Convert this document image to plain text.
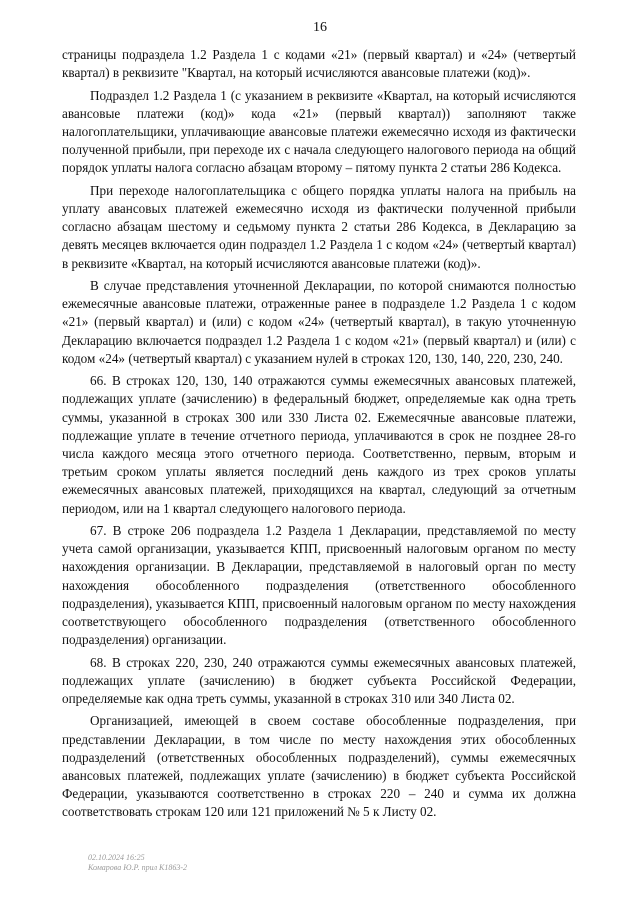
16

страницы подраздела 1.2 Раздела 1 с кодами «21» (первый квартал) и «24» (четвертый квартал) в реквизите "Квартал, на который исчисляются авансовые платежи (код)».

Подраздел 1.2 Раздела 1 (с указанием в реквизите «Квартал, на который исчисляются авансовые платежи (код)» кода «21» (первый квартал)) заполняют также налогоплательщики, уплачивающие авансовые платежи ежемесячно исходя из фактически полученной прибыли, при переходе их с начала следующего налогового периода на общий порядок уплаты налога согласно абзацам второму – пятому пункта 2 статьи 286 Кодекса.

При переходе налогоплательщика с общего порядка уплаты налога на прибыль на уплату авансовых платежей ежемесячно исходя из фактически полученной прибыли согласно абзацам шестому и седьмому пункта 2 статьи 286 Кодекса, в Декларацию за девять месяцев включается один подраздел 1.2 Раздела 1 с кодом «24» (четвертый квартал) в реквизите «Квартал, на который исчисляются авансовые платежи (код)».

В случае представления уточненной Декларации, по которой снимаются полностью ежемесячные авансовые платежи, отраженные ранее в подразделе 1.2 Раздела 1 с кодом «21» (первый квартал) и (или) с кодом «24» (четвертый квартал), в такую уточненную Декларацию включается подраздел 1.2 Раздела 1 с кодом «21» (первый квартал) и (или) с кодом «24» (четвертый квартал) с указанием нулей в строках 120, 130, 140, 220, 230, 240.

66. В строках 120, 130, 140 отражаются суммы ежемесячных авансовых платежей, подлежащих уплате (зачислению) в федеральный бюджет, определяемые как одна треть суммы, указанной в строках 300 или 330 Листа 02. Ежемесячные авансовые платежи, подлежащие уплате в течение отчетного периода, уплачиваются в срок не позднее 28-го числа каждого месяца этого отчетного периода. Соответственно, первым, вторым и третьим сроком уплаты является последний день каждого из трех сроков уплаты ежемесячных авансовых платежей, приходящихся на квартал, следующий за отчетным периодом, или на 1 квартал следующего налогового периода.

67. В строке 206 подраздела 1.2 Раздела 1 Декларации, представляемой по месту учета самой организации, указывается КПП, присвоенный налоговым органом по месту нахождения организации. В Декларации, представляемой в налоговый орган по месту нахождения обособленного подразделения (ответственного обособленного подразделения), указывается КПП, присвоенный налоговым органом по месту нахождения соответствующего обособленного подразделения (ответственного обособленного подразделения) организации.

68. В строках 220, 230, 240 отражаются суммы ежемесячных авансовых платежей, подлежащих уплате (зачислению) в бюджет субъекта Российской Федерации, определяемые как одна треть суммы, указанной в строках 310 или 340 Листа 02.

Организацией, имеющей в своем составе обособленные подразделения, при представлении Декларации, в том числе по месту нахождения этих обособленных подразделений (ответственных обособленных подразделений), суммы ежемесячных авансовых платежей, подлежащих уплате (зачислению) в бюджет субъекта Российской Федерации, указываются соответственно в строках 220 – 240 и сумма их должна соответствовать строкам 120 или 121 приложений № 5 к Листу 02.

02.10.2024 16:25
Комарова Ю.Р. прил К1863-2
